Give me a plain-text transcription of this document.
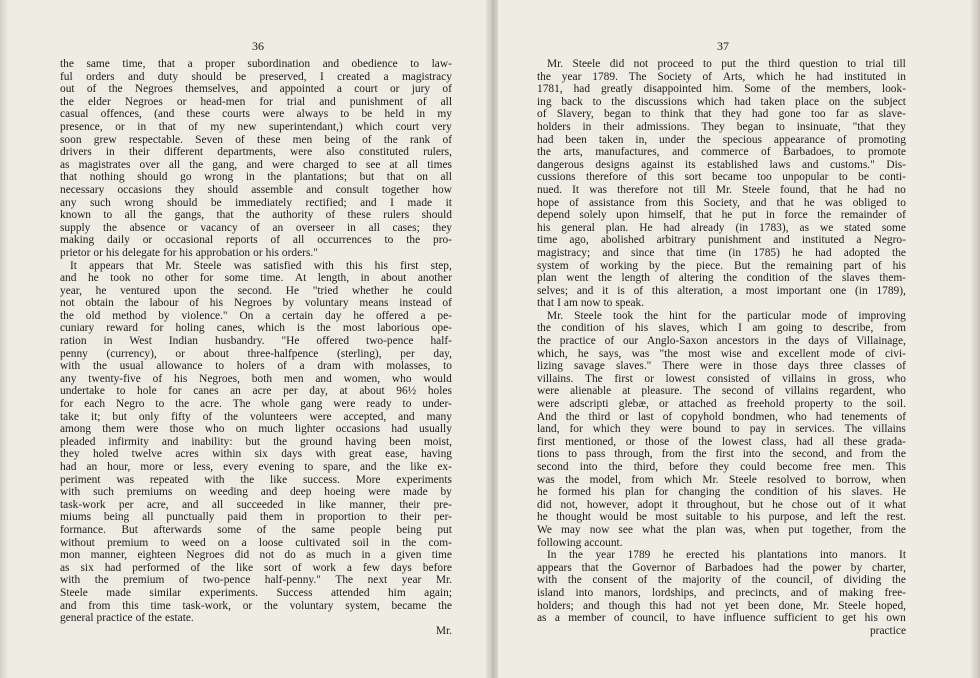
36
the same time, that a proper subordination and obedience to law-
ful orders and duty should be preserved, I created a magistracy
out of the Negroes themselves, and appointed a court or jury of
the elder Negroes or head-men for trial and punishment of all
casual offences, (and these courts were always to be held in my
presence, or in that of my new superintendant,) which court very
soon grew respectable. Seven of these men being of the rank of
drivers in their different departments, were also constituted rulers,
as magistrates over all the gang, and were charged to see at all times
that nothing should go wrong in the plantations; but that on all
necessary occasions they should assemble and consult together how
any such wrong should be immediately rectified; and I made it
known to all the gangs, that the authority of these rulers should
supply the absence or vacancy of an overseer in all cases; they
making daily or occasional reports of all occurrences to the pro-
prietor or his delegate for his approbation or his orders."
It appears that Mr. Steele was satisfied with this his first step,
and he took no other for some time. At length, in about another
year, he ventured upon the second. He "tried whether he could
not obtain the labour of his Negroes by voluntary means instead of
the old method by violence." On a certain day he offered a pe-
cuniary reward for holing canes, which is the most laborious ope-
ration in West Indian husbandry. "He offered two-pence half-
penny (currency), or about three-halfpence (sterling), per day,
with the usual allowance to holers of a dram with molasses, to
any twenty-five of his Negroes, both men and women, who would
undertake to hole for canes an acre per day, at about 96½ holes
for each Negro to the acre. The whole gang were ready to under-
take it; but only fifty of the volunteers were accepted, and many
among them were those who on much lighter occasions had usually
pleaded infirmity and inability: but the ground having been moist,
they holed twelve acres within six days with great ease, having
had an hour, more or less, every evening to spare, and the like ex-
periment was repeated with the like success. More experiments
with such premiums on weeding and deep hoeing were made by
task-work per acre, and all succeeded in like manner, their pre-
miums being all punctually paid them in proportion to their per-
formance. But afterwards some of the same people being put
without premium to weed on a loose cultivated soil in the com-
mon manner, eighteen Negroes did not do as much in a given time
as six had performed of the like sort of work a few days before
with the premium of two-pence half-penny." The next year Mr.
Steele made similar experiments. Success attended him again;
and from this time task-work, or the voluntary system, became the
general practice of the estate.
Mr.
37
Mr. Steele did not proceed to put the third question to trial till
the year 1789. The Society of Arts, which he had instituted in
1781, had greatly disappointed him. Some of the members, look-
ing back to the discussions which had taken place on the subject
of Slavery, began to think that they had gone too far as slave-
holders in their admissions. They began to insinuate, "that they
had been taken in, under the specious appearance of promoting
the arts, manufactures, and commerce of Barbadoes, to promote
dangerous designs against its established laws and customs." Dis-
cussions therefore of this sort became too unpopular to be conti-
nued. It was therefore not till Mr. Steele found, that he had no
hope of assistance from this Society, and that he was obliged to
depend solely upon himself, that he put in force the remainder of
his general plan. He had already (in 1783), as we stated some
time ago, abolished arbitrary punishment and instituted a Negro-
magistracy; and since that time (in 1785) he had adopted the
system of working by the piece. But the remaining part of his
plan went the length of altering the condition of the slaves them-
selves; and it is of this alteration, a most important one (in 1789),
that I am now to speak.
Mr. Steele took the hint for the particular mode of improving
the condition of his slaves, which I am going to describe, from
the practice of our Anglo-Saxon ancestors in the days of Villainage,
which, he says, was "the most wise and excellent mode of civi-
lizing savage slaves." There were in those days three classes of
villains. The first or lowest consisted of villains in gross, who
were alienable at pleasure. The second of villains regardent, who
were adscripti glebæ, or attached as freehold property to the soil.
And the third or last of copyhold bondmen, who had tenements of
land, for which they were bound to pay in services. The villains
first mentioned, or those of the lowest class, had all these grada-
tions to pass through, from the first into the second, and from the
second into the third, before they could become free men. This
was the model, from which Mr. Steele resolved to borrow, when
he formed his plan for changing the condition of his slaves. He
did not, however, adopt it throughout, but he chose out of it what
he thought would be most suitable to his purpose, and left the rest.
We may now see what the plan was, when put together, from the
following account.
In the year 1789 he erected his plantations into manors. It
appears that the Governor of Barbadoes had the power by charter,
with the consent of the majority of the council, of dividing the
island into manors, lordships, and precincts, and of making free-
holders; and though this had not yet been done, Mr. Steele hoped,
as a member of council, to have influence sufficient to get his own
practice
